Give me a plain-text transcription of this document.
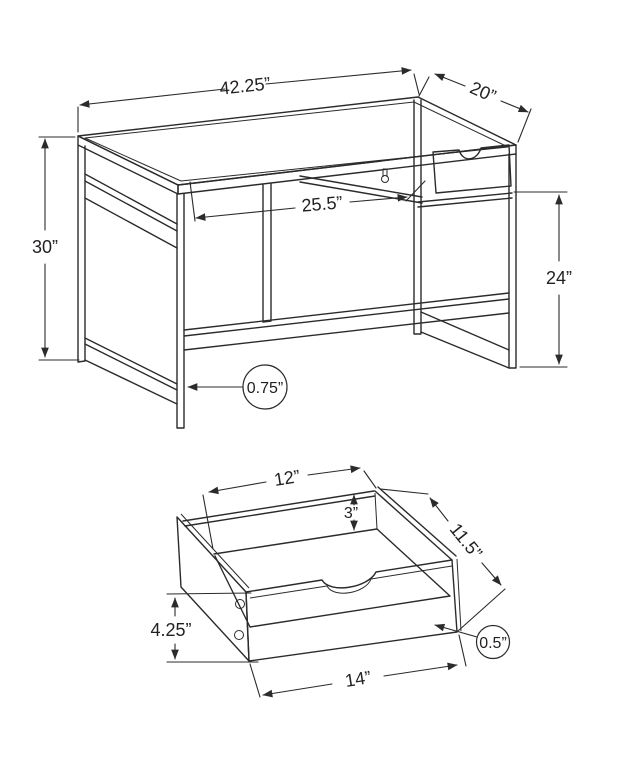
42.25”	20”
30”
25.5”
24”
0.75”
12”
3”
11.5”
4.25”
14”
0.5”
